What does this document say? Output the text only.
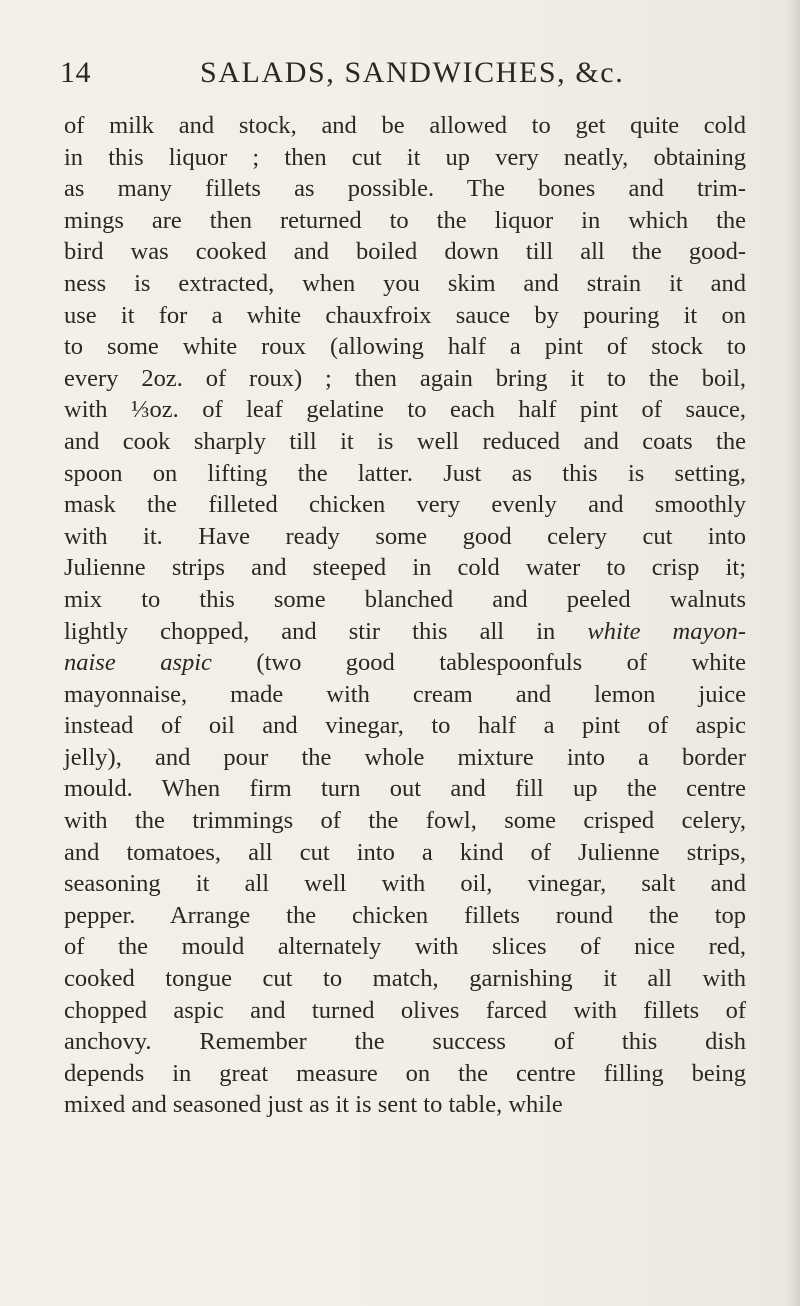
14	SALADS, SANDWICHES, &c.
of milk and stock, and be allowed to get quite cold
in this liquor ; then cut it up very neatly, obtaining
as many fillets as possible. The bones and trim-
mings are then returned to the liquor in which the
bird was cooked and boiled down till all the good-
ness is extracted, when you skim and strain it and
use it for a white chauxfroix sauce by pouring it on
to some white roux (allowing half a pint of stock to
every 2oz. of roux) ; then again bring it to the boil,
with ⅓oz. of leaf gelatine to each half pint of sauce,
and cook sharply till it is well reduced and coats the
spoon on lifting the latter. Just as this is setting,
mask the filleted chicken very evenly and smoothly
with it. Have ready some good celery cut into
Julienne strips and steeped in cold water to crisp it;
mix to this some blanched and peeled walnuts
lightly chopped, and stir this all in white mayon-
naise aspic (two good tablespoonfuls of white
mayonnaise, made with cream and lemon juice
instead of oil and vinegar, to half a pint of aspic
jelly), and pour the whole mixture into a border
mould. When firm turn out and fill up the centre
with the trimmings of the fowl, some crisped celery,
and tomatoes, all cut into a kind of Julienne strips,
seasoning it all well with oil, vinegar, salt and
pepper. Arrange the chicken fillets round the top
of the mould alternately with slices of nice red,
cooked tongue cut to match, garnishing it all with
chopped aspic and turned olives farced with fillets of
anchovy. Remember the success of this dish
depends in great measure on the centre filling being
mixed and seasoned just as it is sent to table, while
